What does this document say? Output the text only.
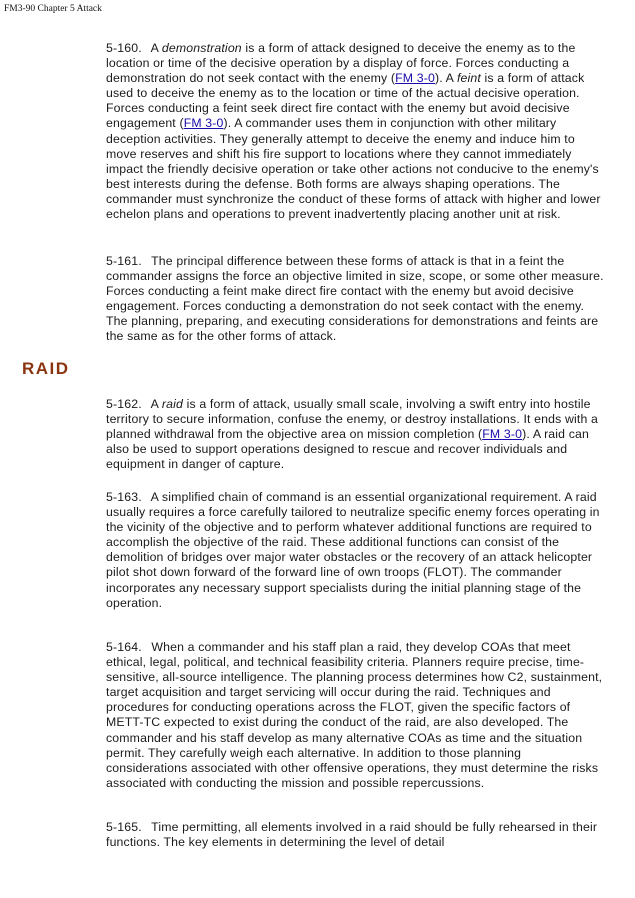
FM3-90 Chapter 5 Attack

5-160. A demonstration is a form of attack designed to deceive the enemy as to the location or time of the decisive operation by a display of force. Forces conducting a demonstration do not seek contact with the enemy (FM 3-0). A feint is a form of attack used to deceive the enemy as to the location or time of the actual decisive operation. Forces conducting a feint seek direct fire contact with the enemy but avoid decisive engagement (FM 3-0). A commander uses them in conjunction with other military deception activities. They generally attempt to deceive the enemy and induce him to move reserves and shift his fire support to locations where they cannot immediately impact the friendly decisive operation or take other actions not conducive to the enemy's best interests during the defense. Both forms are always shaping operations. The commander must synchronize the conduct of these forms of attack with higher and lower echelon plans and operations to prevent inadvertently placing another unit at risk.

5-161. The principal difference between these forms of attack is that in a feint the commander assigns the force an objective limited in size, scope, or some other measure. Forces conducting a feint make direct fire contact with the enemy but avoid decisive engagement. Forces conducting a demonstration do not seek contact with the enemy. The planning, preparing, and executing considerations for demonstrations and feints are the same as for the other forms of attack.

RAID

5-162. A raid is a form of attack, usually small scale, involving a swift entry into hostile territory to secure information, confuse the enemy, or destroy installations. It ends with a planned withdrawal from the objective area on mission completion (FM 3-0). A raid can also be used to support operations designed to rescue and recover individuals and equipment in danger of capture.

5-163. A simplified chain of command is an essential organizational requirement. A raid usually requires a force carefully tailored to neutralize specific enemy forces operating in the vicinity of the objective and to perform whatever additional functions are required to accomplish the objective of the raid. These additional functions can consist of the demolition of bridges over major water obstacles or the recovery of an attack helicopter pilot shot down forward of the forward line of own troops (FLOT). The commander incorporates any necessary support specialists during the initial planning stage of the operation.

5-164. When a commander and his staff plan a raid, they develop COAs that meet ethical, legal, political, and technical feasibility criteria. Planners require precise, time-sensitive, all-source intelligence. The planning process determines how C2, sustainment, target acquisition and target servicing will occur during the raid. Techniques and procedures for conducting operations across the FLOT, given the specific factors of METT-TC expected to exist during the conduct of the raid, are also developed. The commander and his staff develop as many alternative COAs as time and the situation permit. They carefully weigh each alternative. In addition to those planning considerations associated with other offensive operations, they must determine the risks associated with conducting the mission and possible repercussions.

5-165. Time permitting, all elements involved in a raid should be fully rehearsed in their functions. The key elements in determining the level of detail
